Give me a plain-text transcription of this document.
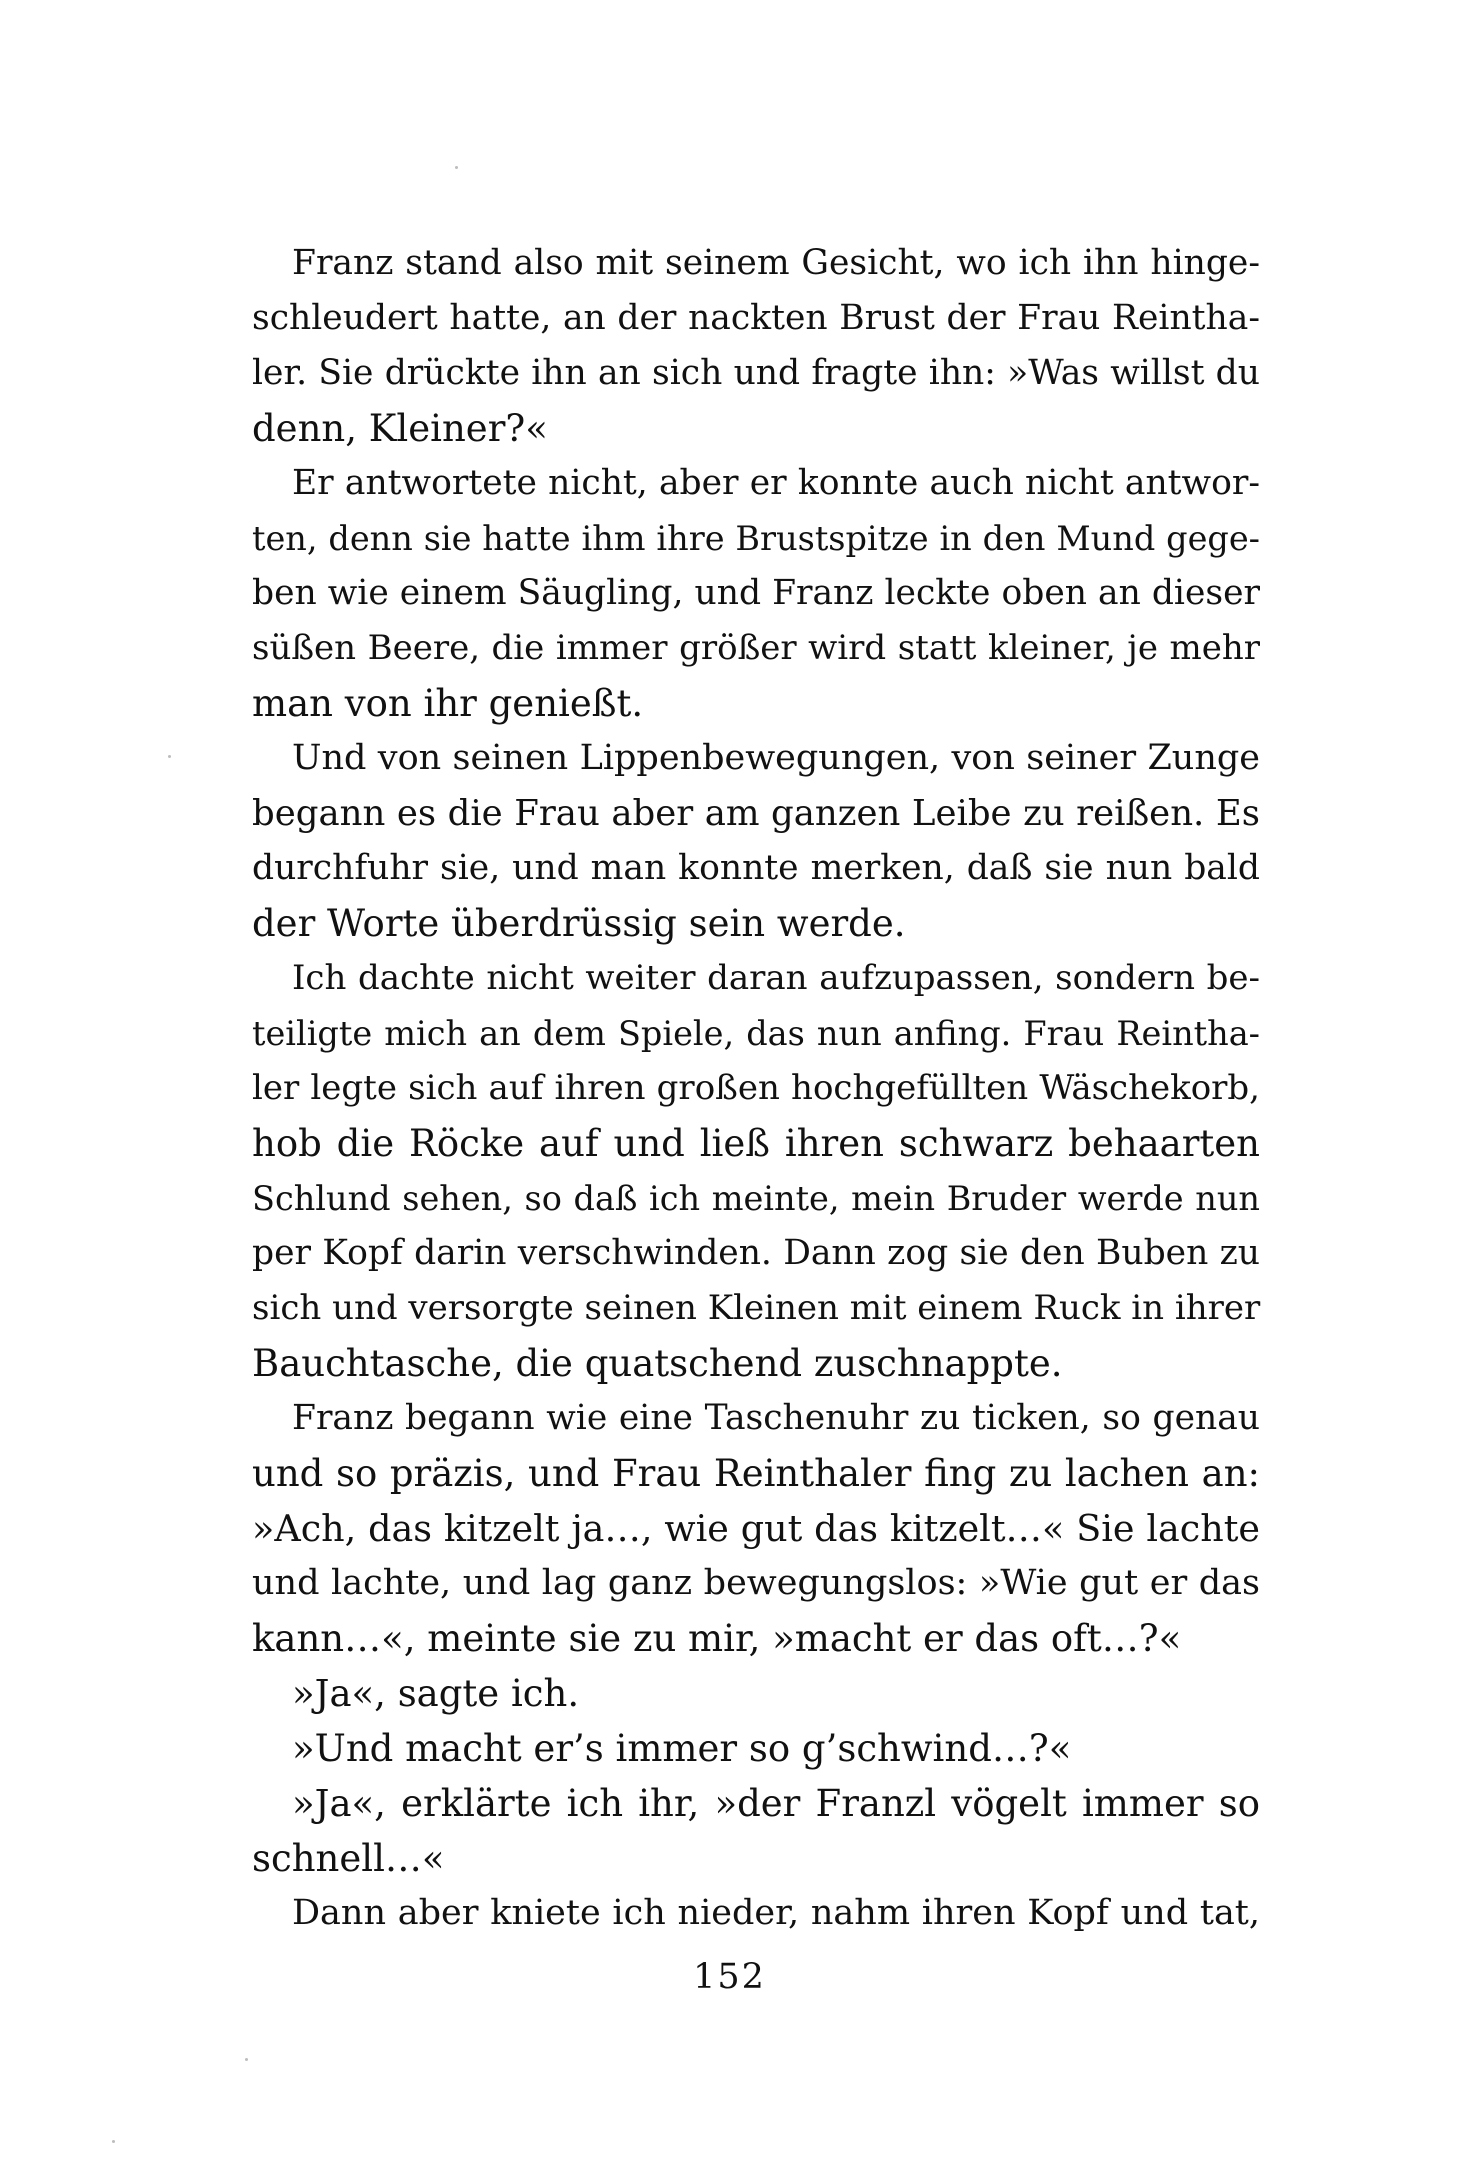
Franz stand also mit seinem Gesicht, wo ich ihn hinge-
schleudert hatte, an der nackten Brust der Frau Reintha-
ler. Sie drückte ihn an sich und fragte ihn: »Was willst du
denn, Kleiner?«
Er antwortete nicht, aber er konnte auch nicht antwor-
ten, denn sie hatte ihm ihre Brustspitze in den Mund gege-
ben wie einem Säugling, und Franz leckte oben an dieser
süßen Beere, die immer größer wird statt kleiner, je mehr
man von ihr genießt.
Und von seinen Lippenbewegungen, von seiner Zunge
begann es die Frau aber am ganzen Leibe zu reißen. Es
durchfuhr sie, und man konnte merken, daß sie nun bald
der Worte überdrüssig sein werde.
Ich dachte nicht weiter daran aufzupassen, sondern be-
teiligte mich an dem Spiele, das nun anfing. Frau Reintha-
ler legte sich auf ihren großen hochgefüllten Wäschekorb,
hob die Röcke auf und ließ ihren schwarz behaarten
Schlund sehen, so daß ich meinte, mein Bruder werde nun
per Kopf darin verschwinden. Dann zog sie den Buben zu
sich und versorgte seinen Kleinen mit einem Ruck in ihrer
Bauchtasche, die quatschend zuschnappte.
Franz begann wie eine Taschenuhr zu ticken, so genau
und so präzis, und Frau Reinthaler fing zu lachen an:
»Ach, das kitzelt ja…, wie gut das kitzelt…« Sie lachte
und lachte, und lag ganz bewegungslos: »Wie gut er das
kann…«, meinte sie zu mir, »macht er das oft…?«
»Ja«, sagte ich.
»Und macht er’s immer so g’schwind…?«
»Ja«, erklärte ich ihr, »der Franzl vögelt immer so
schnell…«
Dann aber kniete ich nieder, nahm ihren Kopf und tat,
152
